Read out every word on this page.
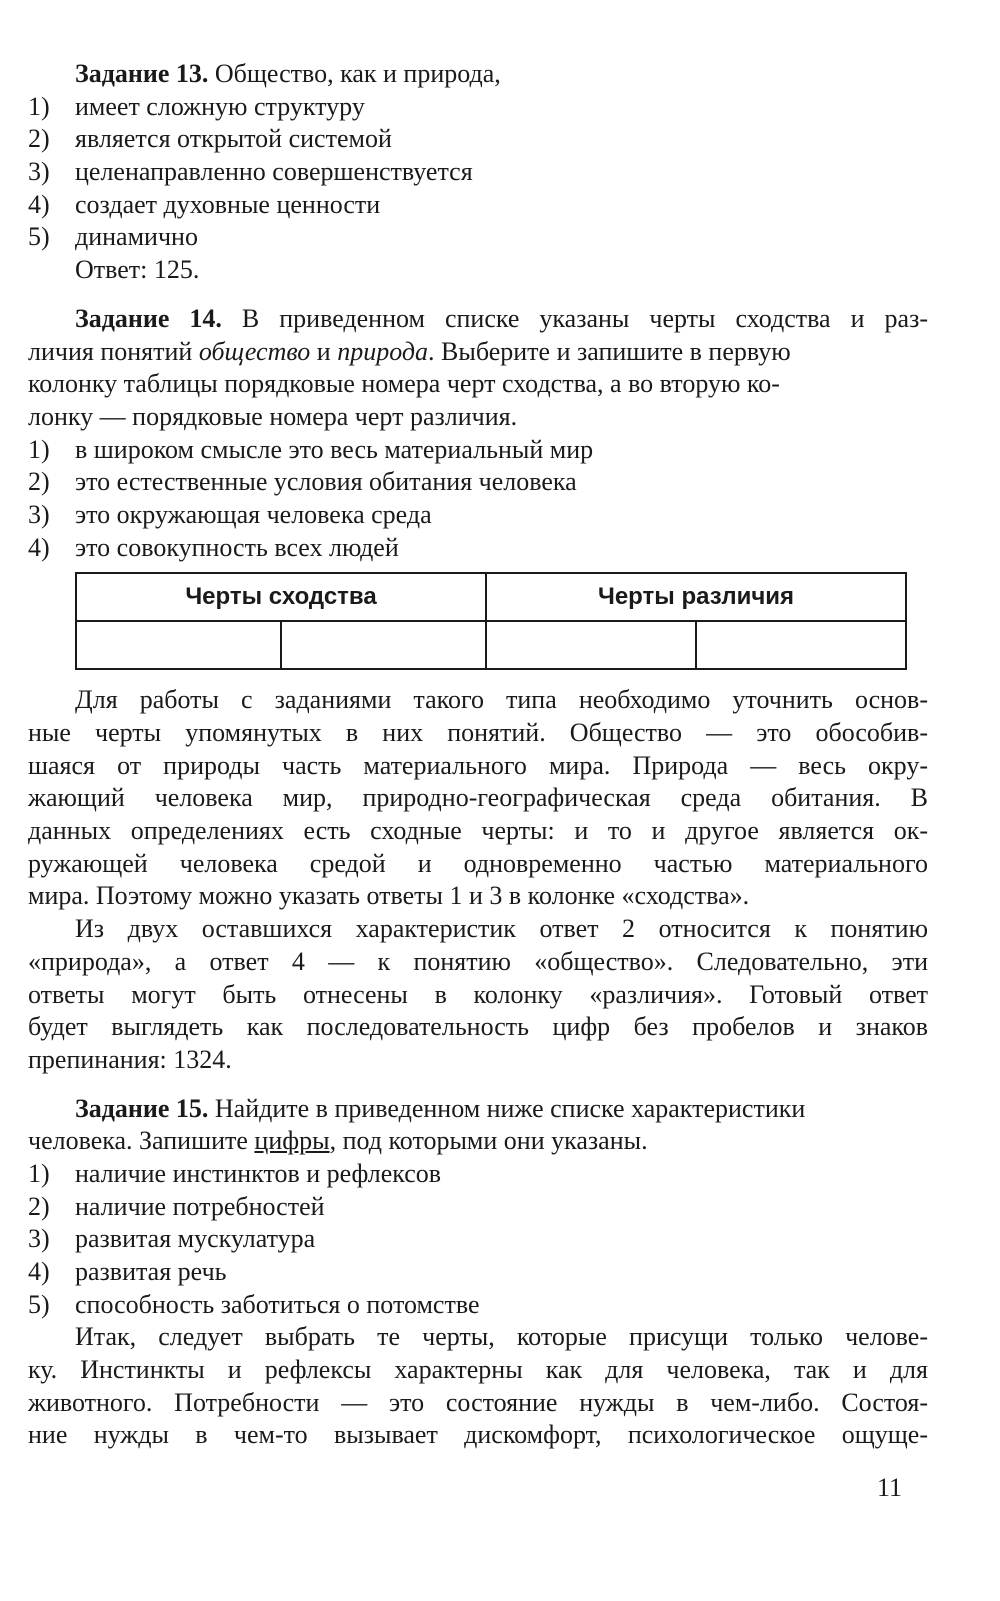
Задание 13. Общество, как и природа,
1) имеет сложную структуру
2) является открытой системой
3) целенаправленно совершенствуется
4) создает духовные ценности
5) динамично
Ответ: 125.
Задание 14. В приведенном списке указаны черты сходства и раз-
личия понятий общество и природа. Выберите и запишите в первую
колонку таблицы порядковые номера черт сходства, а во вторую ко-
лонку — порядковые номера черт различия.
1) в широком смысле это весь материальный мир
2) это естественные условия обитания человека
3) это окружающая человека среда
4) это совокупность всех людей
Черты сходства		Черты различия	

Для работы с заданиями такого типа необходимо уточнить основ-
ные черты упомянутых в них понятий. Общество — это обособив-
шаяся от природы часть материального мира. Природа — весь окру-
жающий человека мир, природно-географическая среда обитания. В
данных определениях есть сходные черты: и то и другое является ок-
ружающей человека средой и одновременно частью материального
мира. Поэтому можно указать ответы 1 и 3 в колонке «сходства».
Из двух оставшихся характеристик ответ 2 относится к понятию
«природа», а ответ 4 — к понятию «общество». Следовательно, эти
ответы могут быть отнесены в колонку «различия». Готовый ответ
будет выглядеть как последовательность цифр без пробелов и знаков
препинания: 1324.
Задание 15. Найдите в приведенном ниже списке характеристики
человека. Запишите цифры, под которыми они указаны.
1) наличие инстинктов и рефлексов
2) наличие потребностей
3) развитая мускулатура
4) развитая речь
5) способность заботиться о потомстве
Итак, следует выбрать те черты, которые присущи только челове-
ку. Инстинкты и рефлексы характерны как для человека, так и для
животного. Потребности — это состояние нужды в чем-либо. Состоя-
ние нужды в чем-то вызывает дискомфорт, психологическое ощуще-
11
